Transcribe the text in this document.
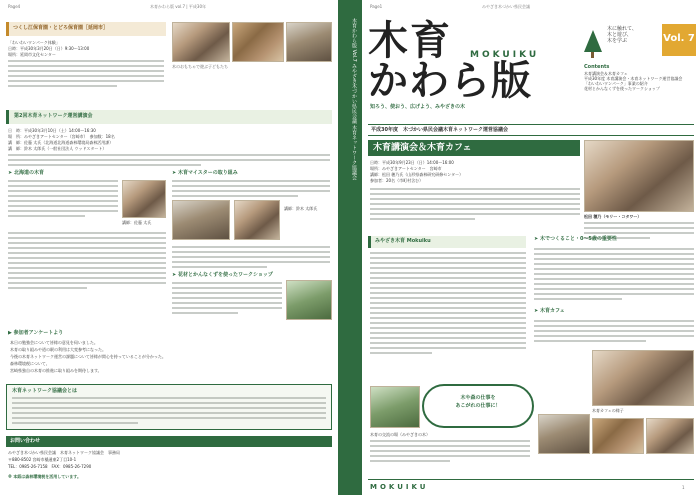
Page4	木育かわら版 vol.7 | 平成30年
つくし江保育園・とどろ保育園［延岡市］
「わいわいワンパーク体験」
日時：平成30年3月20日（日）9:30〜13:00
場所：延岡市文化センター
木のおもちゃで遊ぶ子どもたち
第2回木育ネットワーク運営講演会
日　時：平成30年3月10日（土）14:00〜16:30
場　所：みやざきアートセンター（宮崎市）　参加数：18名
講　師：佐藤 太氏（北海道北海道森林環境局森林活用課）
講　師：鈴木 太郎氏（一般社団法人 ウッドスタート）
➤ 北海道の木育
講師：佐藤 太氏
➤ 木育マイスターの取り組み
講師：鈴木 太郎氏
➤ 花材とかんなくずを使ったワークショップ
▶ 参加者アンケートより
本日の勉強会について皆様の意見を伺いました。
木育の取り組みや道の駅の利用は大変参考になった。
今後の木育ネットワーク運営の課題について皆様が関心を持っていることが分かった。
森林環境税について、
宮崎県独自の木育の推進に取り組みを期待します。
木育ネットワーク協議会とは
お問い合わせ
みやざき木づかい県民会議　木育ネットワーク協議会　事務局
〒880-8502 宮崎市橘通東2丁目10-1
TEL：0985-26-7158　FAX：0985-26-7290
※ 本紙は森林環境税を活用しています。
木育かわら版 Vol.7 みやざき木づかい県民会議 木育ネットワーク協議会
Page1	みやざき木づかい県民会議
木育 MOKUIKU
かわら版
知ろう、使おう、広げよう、みやざきの木
木に触れて、
木と遊び、
木を学ぶ	Vol. 7
Contents
木育講演会＆木育カフェ
平成30年度 木育講演会・木育ネットワーク運営協議会
「わいわいワンパーク」事業の紹介
花材とかんなくずを使ったワークショップ
平成30年度　木づかい県民会議木育ネットワーク運営協議会
木育講演会＆木育カフェ
日時：平成30年9月23日（日）14:00〜16:00
場所：みやざきアートセンター　宮崎市
講師：松田 穂乃氏（山形県森林研究研修センター）
参加者：20名（市町村含む）
松田 穂乃（モリー・コタワー）
みやざき木育 Mokuiku	➤ 木でつくること・0〜5歳の重要性
➤ 木育カフェ
木育カフェの様子
木や森の仕事を
あこがれの仕事に！
木育の交流の場（みやざきの木）
MOKUIKU	1
